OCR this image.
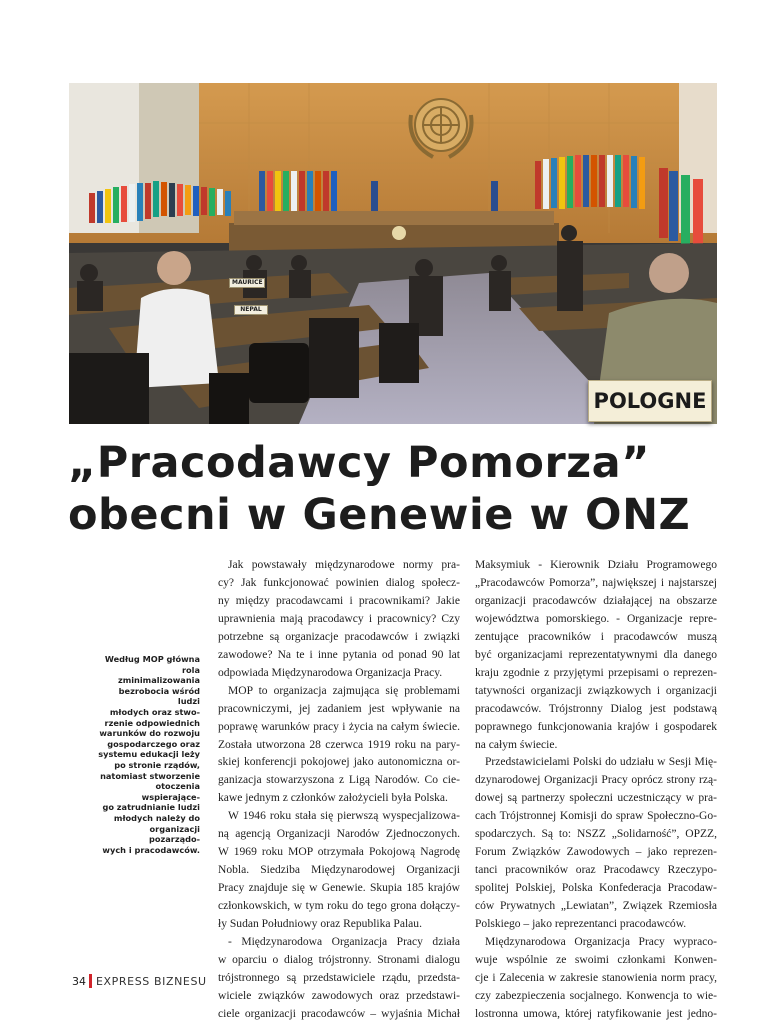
NEPAL
MAURICE
POLOGNE
„Pracodawcy Pomorza”
obecni w Genewie w ONZ
Według MOP główna
rola zminimalizowania
bezrobocia wśród ludzi
młodych oraz stwo-
rzenie odpowiednich
warunków do rozwoju
gospodarczego oraz
systemu edukacji leży
po stronie rządów,
natomiast stworzenie
otoczenia wspierające-
go zatrudnianie ludzi
młodych należy do
organizacji pozarządo-
wych i pracodawców.
Jak powstawały międzynarodowe normy pra-
cy? Jak funkcjonować powinien dialog społecz-
ny między pracodawcami i pracownikami? Jakie
uprawnienia mają pracodawcy i pracownicy? Czy
potrzebne są organizacje pracodawców i związki
zawodowe? Na te i inne pytania od ponad 90 lat
odpowiada Międzynarodowa Organizacja Pracy.
MOP to organizacja zajmująca się problemami
pracowniczymi, jej zadaniem jest wpływanie na
poprawę warunków pracy i życia na całym świecie.
Została utworzona 28 czerwca 1919 roku na pary-
skiej konferencji pokojowej jako autonomiczna or-
ganizacja stowarzyszona z Ligą Narodów. Co cie-
kawe jednym z członków założycieli była Polska.
W 1946 roku stała się pierwszą wyspecjalizowa-
ną agencją Organizacji Narodów Zjednoczonych.
W 1969 roku MOP otrzymała Pokojową Nagrodę
Nobla. Siedziba Międzynarodowej Organizacji
Pracy znajduje się w Genewie. Skupia 185 krajów
członkowskich, w tym roku do tego grona dołączy-
ły Sudan Południowy oraz Republika Palau.
- Międzynarodowa Organizacja Pracy działa
w oparciu o dialog trójstronny. Stronami dialogu
trójstronnego są przedstawiciele rządu, przedsta-
wiciele związków zawodowych oraz przedstawi-
ciele organizacji pracodawców – wyjaśnia Michał
Maksymiuk - Kierownik Działu Programowego
„Pracodawców Pomorza”, największej i najstarszej
organizacji pracodawców działającej na obszarze
województwa pomorskiego. - Organizacje repre-
zentujące pracowników i pracodawców muszą
być organizacjami reprezentatywnymi dla danego
kraju zgodnie z przyjętymi przepisami o reprezen-
tatywności organizacji związkowych i organizacji
pracodawców. Trójstronny Dialog jest podstawą
poprawnego funkcjonowania krajów i gospodarek
na całym świecie.
Przedstawicielami Polski do udziału w Sesji Mię-
dzynarodowej Organizacji Pracy oprócz strony rzą-
dowej są partnerzy społeczni uczestniczący w pra-
cach Trójstronnej Komisji do spraw Społeczno-Go-
spodarczych. Są to: NSZZ „Solidarność”, OPZZ,
Forum Związków Zawodowych – jako reprezen-
tanci pracowników oraz Pracodawcy Rzeczypo-
spolitej Polskiej, Polska Konfederacja Pracodaw-
ców Prywatnych „Lewiatan”, Związek Rzemiosła
Polskiego – jako reprezentanci pracodawców.
Międzynarodowa Organizacja Pracy wypraco-
wuje wspólnie ze swoimi członkami Konwen-
cje i Zalecenia w zakresie stanowienia norm pracy,
czy zabezpieczenia socjalnego. Konwencja to wie-
lostronna umowa, której ratyfikowanie jest jedno-
34 EXPRESS BIZNESU
